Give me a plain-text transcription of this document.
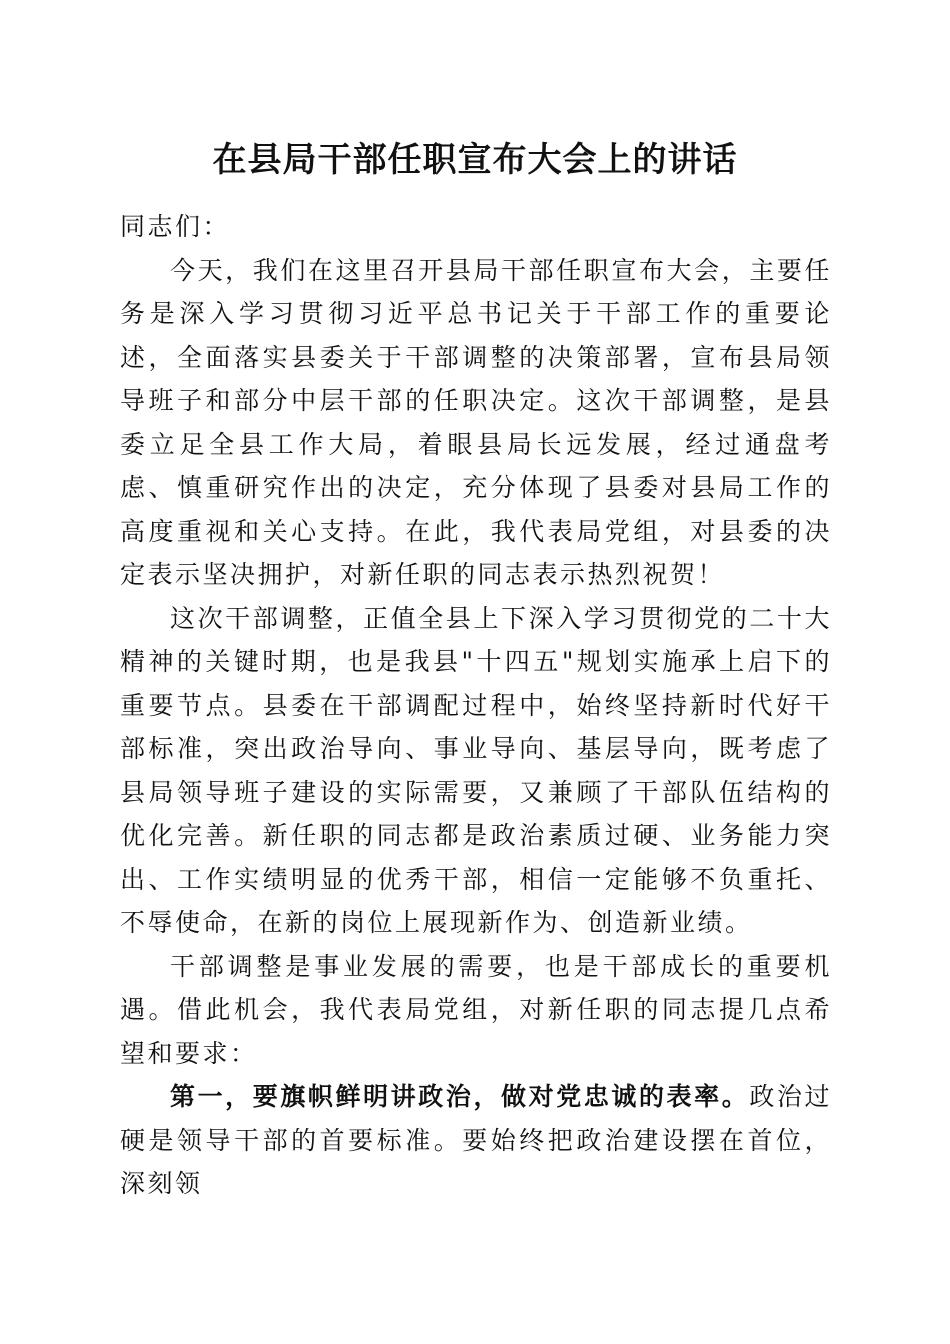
在县局干部任职宣布大会上的讲话

同志们：

今天，我们在这里召开县局干部任职宣布大会，主要任务是深入学习贯彻习近平总书记关于干部工作的重要论述，全面落实县委关于干部调整的决策部署，宣布县局领导班子和部分中层干部的任职决定。这次干部调整，是县委立足全县工作大局，着眼县局长远发展，经过通盘考虑、慎重研究作出的决定，充分体现了县委对县局工作的高度重视和关心支持。在此，我代表局党组，对县委的决定表示坚决拥护，对新任职的同志表示热烈祝贺！

这次干部调整，正值全县上下深入学习贯彻党的二十大精神的关键时期，也是我县"十四五"规划实施承上启下的重要节点。县委在干部调配过程中，始终坚持新时代好干部标准，突出政治导向、事业导向、基层导向，既考虑了县局领导班子建设的实际需要，又兼顾了干部队伍结构的优化完善。新任职的同志都是政治素质过硬、业务能力突出、工作实绩明显的优秀干部，相信一定能够不负重托、不辱使命，在新的岗位上展现新作为、创造新业绩。

干部调整是事业发展的需要，也是干部成长的重要机遇。借此机会，我代表局党组，对新任职的同志提几点希望和要求：

第一，要旗帜鲜明讲政治，做对党忠诚的表率。政治过硬是领导干部的首要标准。要始终把政治建设摆在首位，深刻领
